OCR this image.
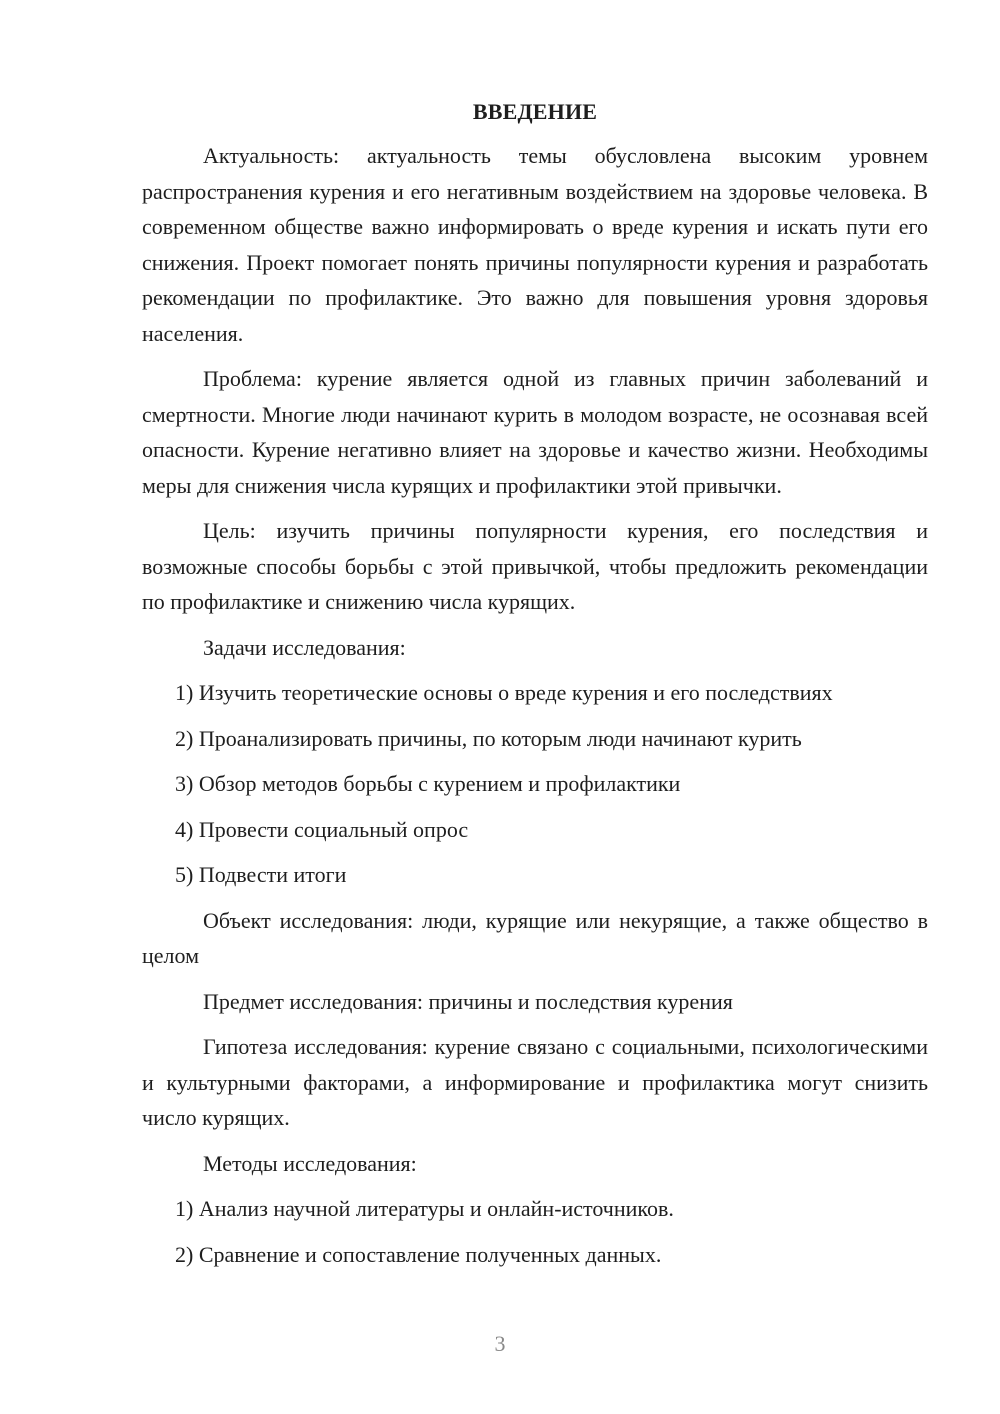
ВВЕДЕНИЕ

Актуальность: актуальность темы обусловлена высоким уровнем распространения курения и его негативным воздействием на здоровье человека. В современном обществе важно информировать о вреде курения и искать пути его снижения. Проект помогает понять причины популярности курения и разработать рекомендации по профилактике. Это важно для повышения уровня здоровья населения.

Проблема: курение является одной из главных причин заболеваний и смертности. Многие люди начинают курить в молодом возрасте, не осознавая всей опасности. Курение негативно влияет на здоровье и качество жизни. Необходимы меры для снижения числа курящих и профилактики этой привычки.

Цель: изучить причины популярности курения, его последствия и возможные способы борьбы с этой привычкой, чтобы предложить рекомендации по профилактике и снижению числа курящих.

Задачи исследования:

1) Изучить теоретические основы о вреде курения и его последствиях

2) Проанализировать причины, по которым люди начинают курить

3) Обзор методов борьбы с курением и профилактики

4) Провести социальный опрос

5) Подвести итоги

Объект исследования: люди, курящие или некурящие, а также общество в целом

Предмет исследования: причины и последствия курения

Гипотеза исследования: курение связано с социальными, психологическими и культурными факторами, а информирование и профилактика могут снизить число курящих.

Методы исследования:

1) Анализ научной литературы и онлайн-источников.

2) Сравнение и сопоставление полученных данных.

3
